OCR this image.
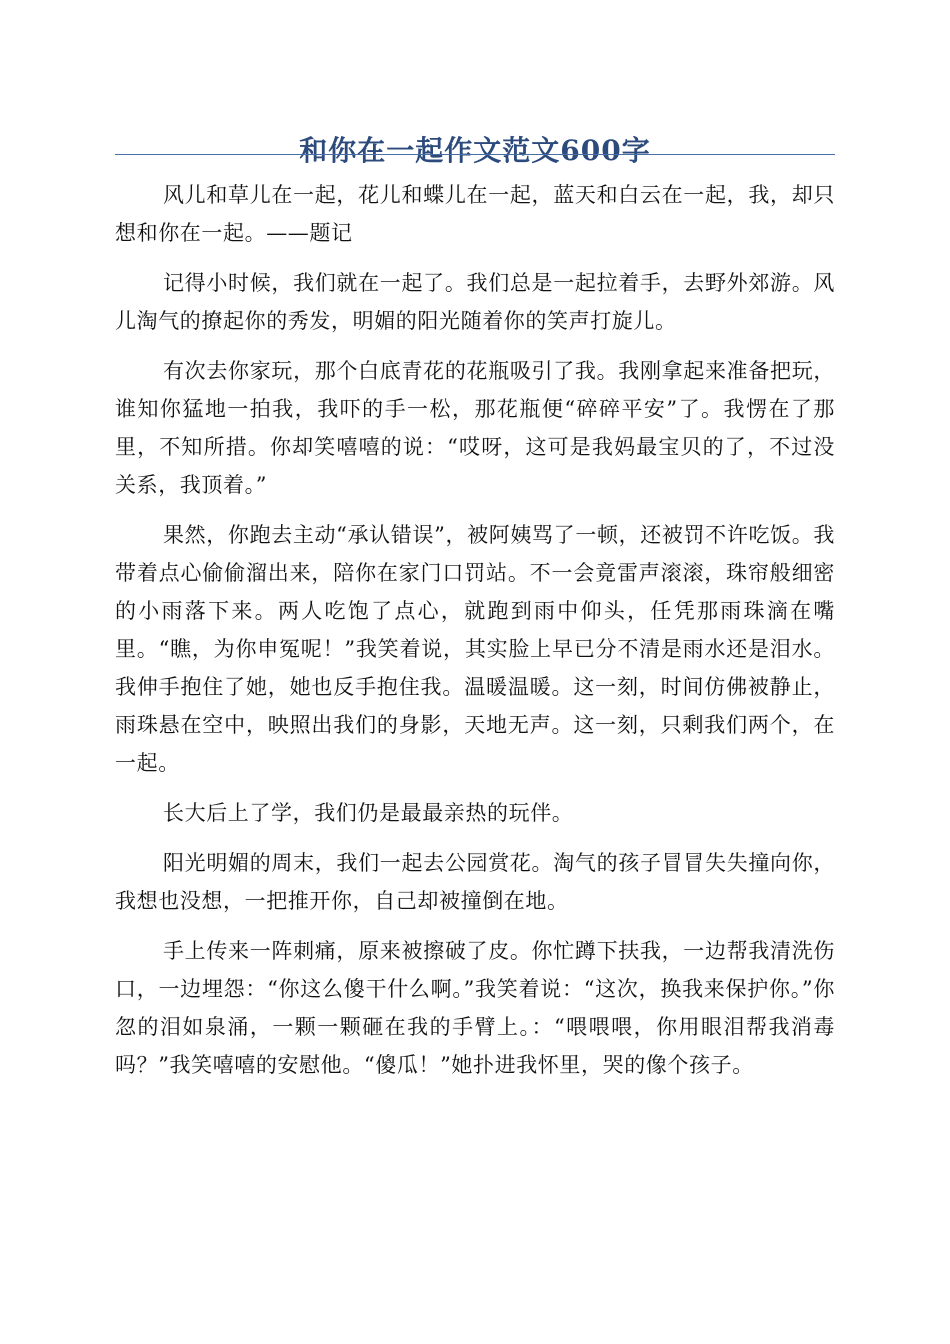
和你在一起作文范文600字

风儿和草儿在一起，花儿和蝶儿在一起，蓝天和白云在一起，我，却只想和你在一起。——题记

记得小时候，我们就在一起了。我们总是一起拉着手，去野外郊游。风儿淘气的撩起你的秀发，明媚的阳光随着你的笑声打旋儿。

有次去你家玩，那个白底青花的花瓶吸引了我。我刚拿起来准备把玩，谁知你猛地一拍我，我吓的手一松，那花瓶便“碎碎平安”了。我愣在了那里，不知所措。你却笑嘻嘻的说：“哎呀，这可是我妈最宝贝的了，不过没关系，我顶着。”

果然，你跑去主动“承认错误”，被阿姨骂了一顿，还被罚不许吃饭。我带着点心偷偷溜出来，陪你在家门口罚站。不一会竟雷声滚滚，珠帘般细密的小雨落下来。两人吃饱了点心，就跑到雨中仰头，任凭那雨珠滴在嘴里。“瞧，为你申冤呢！”我笑着说，其实脸上早已分不清是雨水还是泪水。我伸手抱住了她，她也反手抱住我。温暖温暖。这一刻，时间仿佛被静止，雨珠悬在空中，映照出我们的身影，天地无声。这一刻，只剩我们两个，在一起。

长大后上了学，我们仍是最最亲热的玩伴。

阳光明媚的周末，我们一起去公园赏花。淘气的孩子冒冒失失撞向你，我想也没想，一把推开你，自己却被撞倒在地。

手上传来一阵刺痛，原来被擦破了皮。你忙蹲下扶我，一边帮我清洗伤口，一边埋怨：“你这么傻干什么啊。”我笑着说：“这次，换我来保护你。”你忽的泪如泉涌，一颗一颗砸在我的手臂上。：“喂喂喂，你用眼泪帮我消毒吗？”我笑嘻嘻的安慰他。“傻瓜！”她扑进我怀里，哭的像个孩子。
